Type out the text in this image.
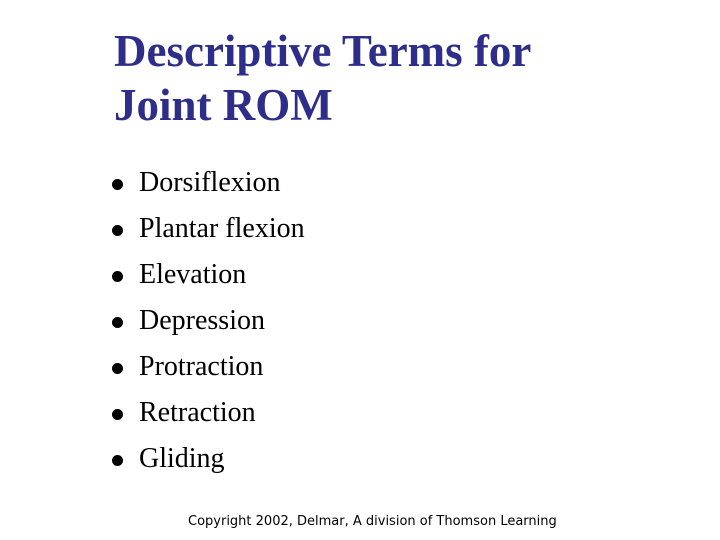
Descriptive Terms for
Joint ROM
Dorsiflexion
Plantar flexion
Elevation
Depression
Protraction
Retraction
Gliding
Copyright 2002, Delmar, A division of Thomson Learning
